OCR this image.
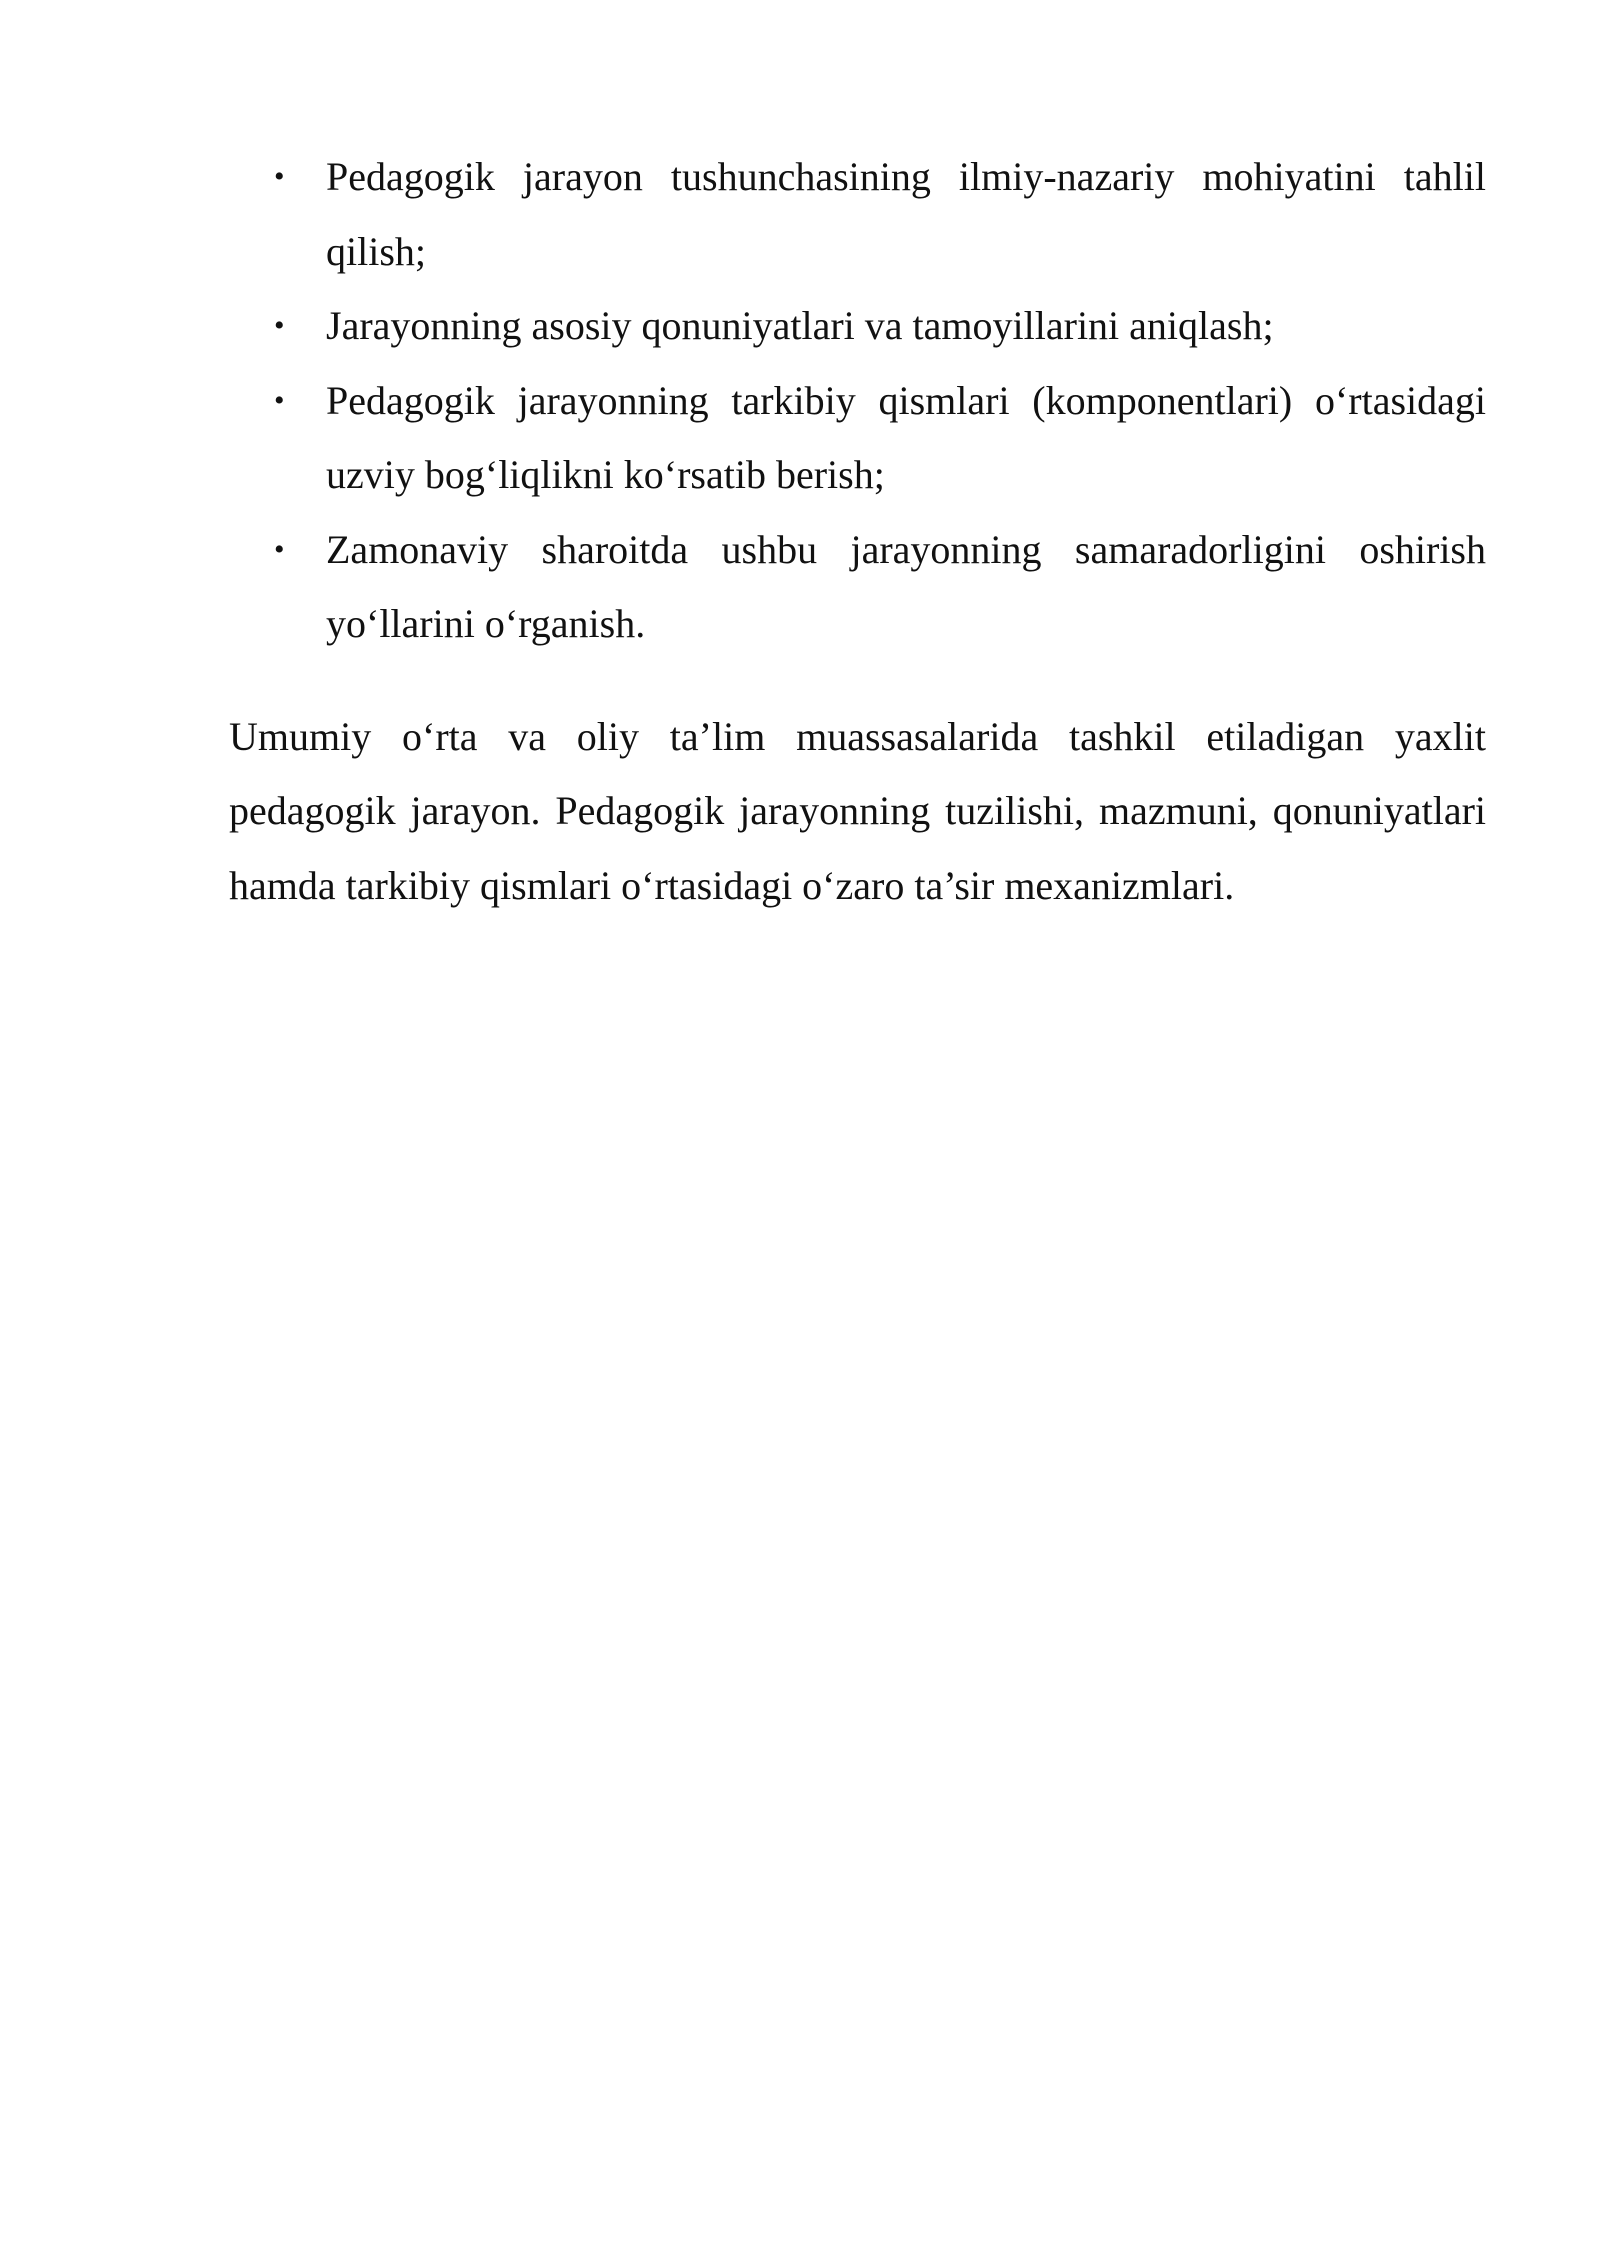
• Pedagogik jarayon tushunchasining ilmiy-nazariy mohiyatini tahlil qilish;
• Jarayonning asosiy qonuniyatlari va tamoyillarini aniqlash;
• Pedagogik jarayonning tarkibiy qismlari (komponentlari) o‘rtasidagi uzviy bog‘liqlikni ko‘rsatib berish;
• Zamonaviy sharoitda ushbu jarayonning samaradorligini oshirish yo‘llarini o‘rganish.

Umumiy o‘rta va oliy ta’lim muassasalarida tashkil etiladigan yaxlit pedagogik jarayon. Pedagogik jarayonning tuzilishi, mazmuni, qonuniyatlari hamda tarkibiy qismlari o‘rtasidagi o‘zaro ta’sir mexanizmlari.
